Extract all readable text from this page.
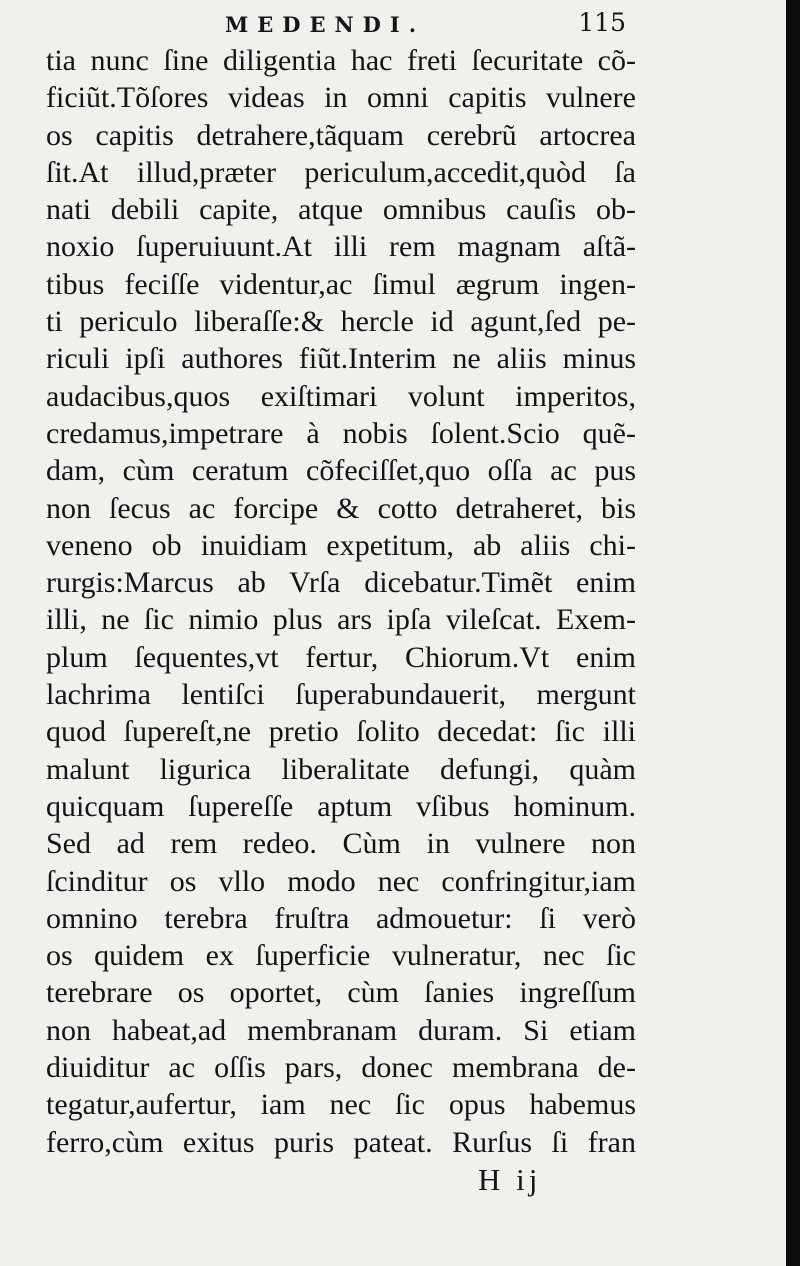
MEDENDI.	115
tia nunc ſine diligentia hac freti ſecuritate cõ-
ficiũt.Tõſores videas in omni capitis vulnere
os capitis detrahere,tãquam cerebrũ artocrea
ſit.At illud,præter periculum,accedit,quòd ſa
nati debili capite, atque omnibus cauſis ob-
noxio ſuperuiuunt.At illi rem magnam aſtã-
tibus feciſſe videntur,ac ſimul ægrum ingen-
ti periculo liberaſſe:& hercle id agunt,ſed pe-
riculi ipſi authores fiũt.Interim ne aliis minus
audacibus,quos exiſtimari volunt imperitos,
credamus,impetrare à nobis ſolent.Scio quẽ-
dam, cùm ceratum cõfeciſſet,quo oſſa ac pus
non ſecus ac forcipe & cotto detraheret, bis
veneno ob inuidiam expetitum, ab aliis chi-
rurgis:Marcus ab Vrſa dicebatur.Timẽt enim
illi, ne ſic nimio plus ars ipſa vileſcat. Exem-
plum ſequentes,vt fertur, Chiorum.Vt enim
lachrima lentiſci ſuperabundauerit, mergunt
quod ſupereſt,ne pretio ſolito decedat: ſic illi
malunt ligurica liberalitate defungi, quàm
quicquam ſupereſſe aptum vſibus hominum.
Sed ad rem redeo. Cùm in vulnere non
ſcinditur os vllo modo nec confringitur,iam
omnino terebra fruſtra admouetur: ſi verò
os quidem ex ſuperficie vulneratur, nec ſic
terebrare os oportet, cùm ſanies ingreſſum
non habeat,ad membranam duram. Si etiam
diuiditur ac oſſis pars, donec membrana de-
tegatur,aufertur, iam nec ſic opus habemus
ferro,cùm exitus puris pateat. Rurſus ſi fran
H ij
